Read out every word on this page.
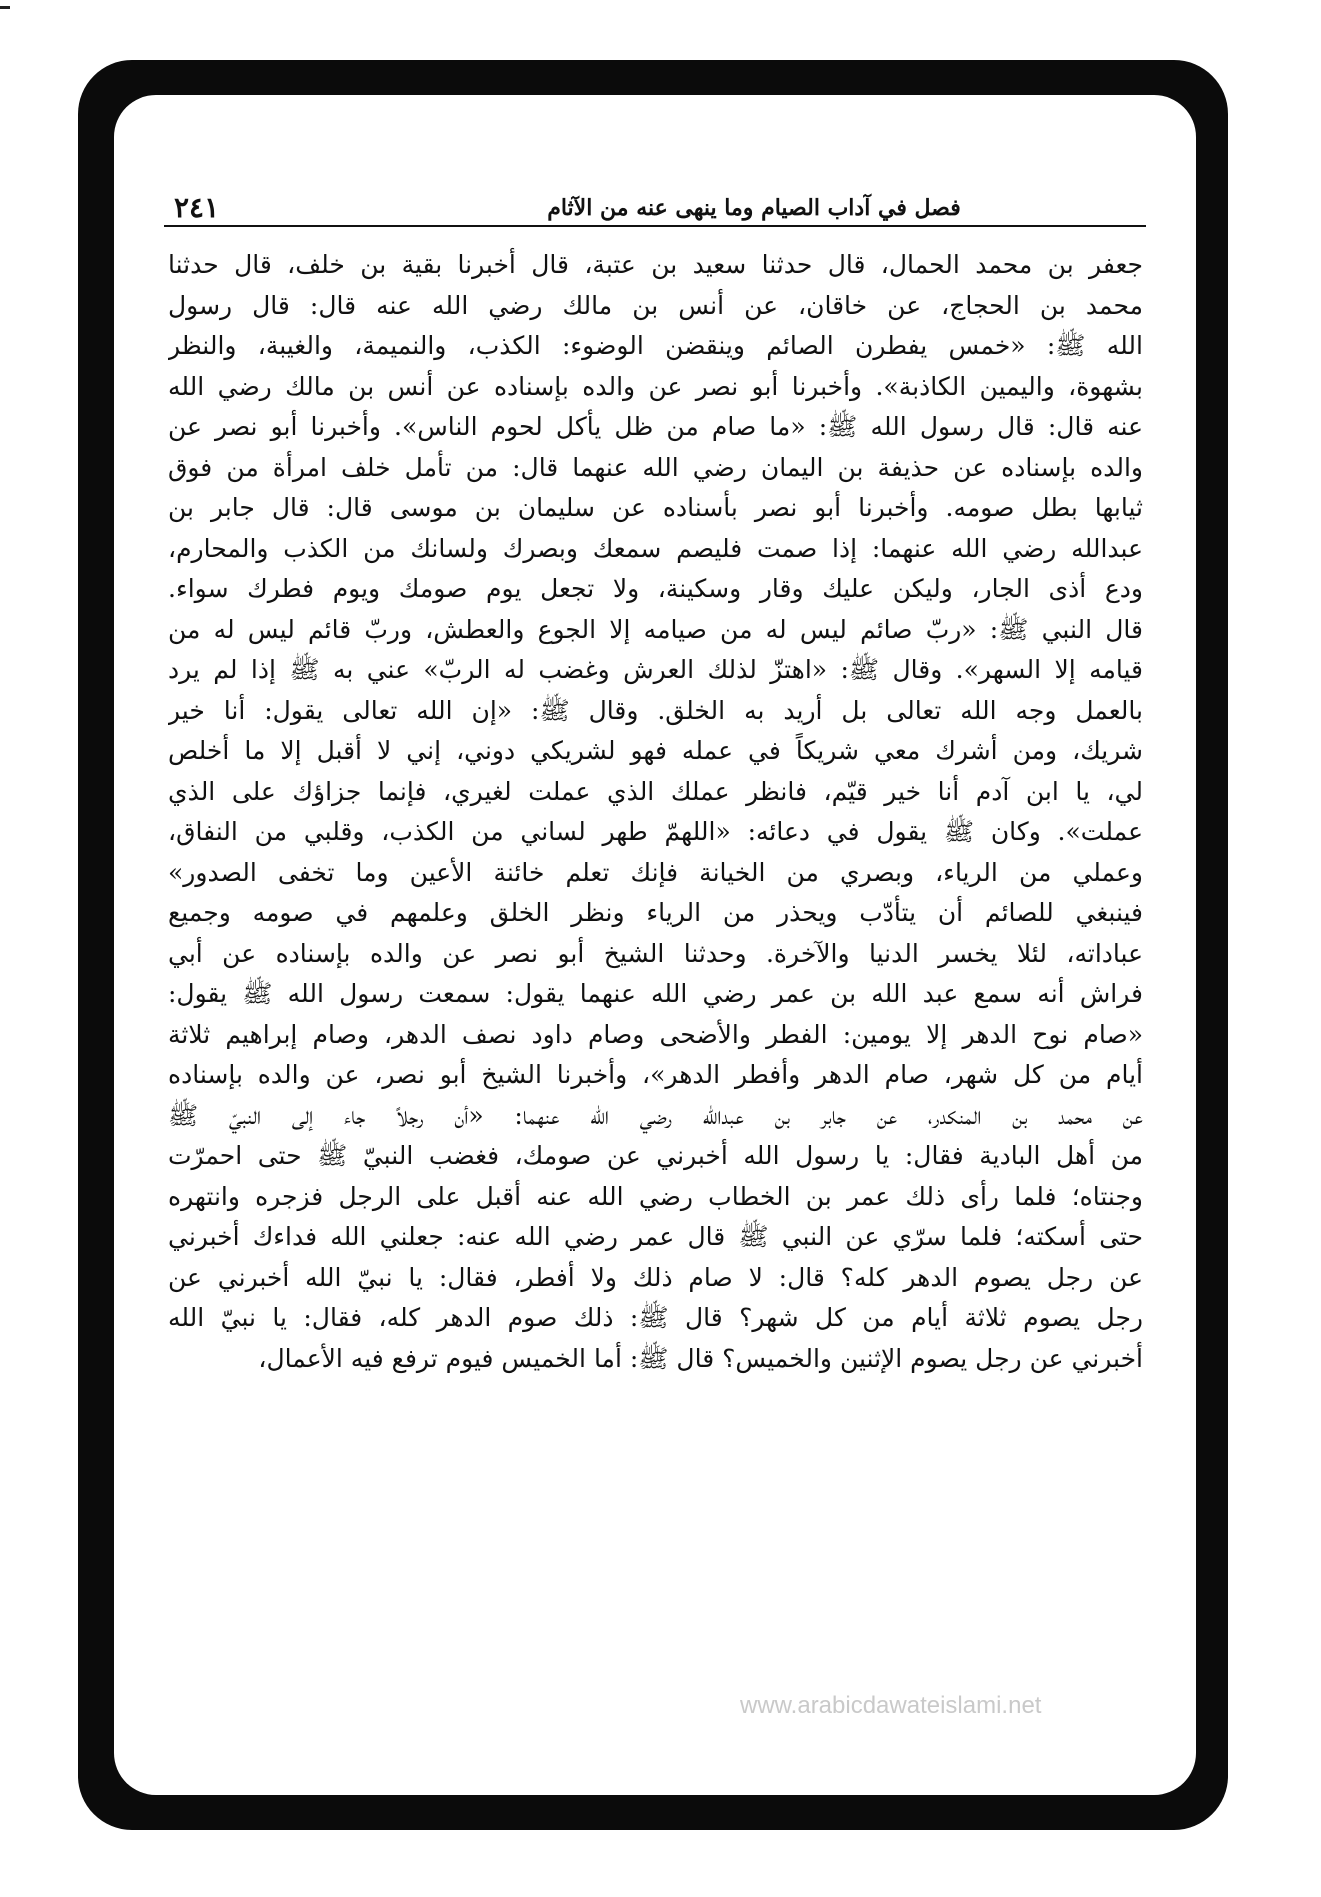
٢٤١	فصل في آداب الصيام وما ينهى عنه من الآثام
جعفر بن محمد الحمال، قال حدثنا سعيد بن عتبة، قال أخبرنا بقية بن خلف، قال حدثنا
محمد بن الحجاج، عن خاقان، عن أنس بن مالك رضي الله عنه قال: قال رسول
الله ﷺ: «خمس يفطرن الصائم وينقضن الوضوء: الكذب، والنميمة، والغيبة، والنظر
بشهوة، واليمين الكاذبة». وأخبرنا أبو نصر عن والده بإسناده عن أنس بن مالك رضي الله
عنه قال: قال رسول الله ﷺ: «ما صام من ظل يأكل لحوم الناس». وأخبرنا أبو نصر عن
والده بإسناده عن حذيفة بن اليمان رضي الله عنهما قال: من تأمل خلف امرأة من فوق
ثيابها بطل صومه. وأخبرنا أبو نصر بأسناده عن سليمان بن موسى قال: قال جابر بن
عبدالله رضي الله عنهما: إذا صمت فليصم سمعك وبصرك ولسانك من الكذب والمحارم،
ودع أذى الجار، وليكن عليك وقار وسكينة، ولا تجعل يوم صومك ويوم فطرك سواء.
قال النبي ﷺ: «ربّ صائم ليس له من صيامه إلا الجوع والعطش، وربّ قائم ليس له من
قيامه إلا السهر». وقال ﷺ: «اهتزّ لذلك العرش وغضب له الربّ» عني به ﷺ إذا لم يرد
بالعمل وجه الله تعالى بل أريد به الخلق. وقال ﷺ: «إن الله تعالى يقول: أنا خير
شريك، ومن أشرك معي شريكاً في عمله فهو لشريكي دوني، إني لا أقبل إلا ما أخلص
لي، يا ابن آدم أنا خير قيّم، فانظر عملك الذي عملت لغيري، فإنما جزاؤك على الذي
عملت». وكان ﷺ يقول في دعائه: «اللهمّ طهر لساني من الكذب، وقلبي من النفاق،
وعملي من الرياء، وبصري من الخيانة فإنك تعلم خائنة الأعين وما تخفى الصدور»
فينبغي للصائم أن يتأدّب ويحذر من الرياء ونظر الخلق وعلمهم في صومه وجميع
عباداته، لئلا يخسر الدنيا والآخرة. وحدثنا الشيخ أبو نصر عن والده بإسناده عن أبي
فراش أنه سمع عبد الله بن عمر رضي الله عنهما يقول: سمعت رسول الله ﷺ يقول:
«صام نوح الدهر إلا يومين: الفطر والأضحى وصام داود نصف الدهر، وصام إبراهيم ثلاثة
أيام من كل شهر، صام الدهر وأفطر الدهر»، وأخبرنا الشيخ أبو نصر، عن والده بإسناده
عن محمد بن المنكدر، عن جابر بن عبدالله رضي الله عنهما: «أن رجلاً جاء إلى النبيّ ﷺ
من أهل البادية فقال: يا رسول الله أخبرني عن صومك، فغضب النبيّ ﷺ حتى احمرّت
وجنتاه؛ فلما رأى ذلك عمر بن الخطاب رضي الله عنه أقبل على الرجل فزجره وانتهره
حتى أسكته؛ فلما سرّي عن النبي ﷺ قال عمر رضي الله عنه: جعلني الله فداءك أخبرني
عن رجل يصوم الدهر كله؟ قال: لا صام ذلك ولا أفطر، فقال: يا نبيّ الله أخبرني عن
رجل يصوم ثلاثة أيام من كل شهر؟ قال ﷺ: ذلك صوم الدهر كله، فقال: يا نبيّ الله
أخبرني عن رجل يصوم الإثنين والخميس؟ قال ﷺ: أما الخميس فيوم ترفع فيه الأعمال،
www.arabicdawateislami.net
